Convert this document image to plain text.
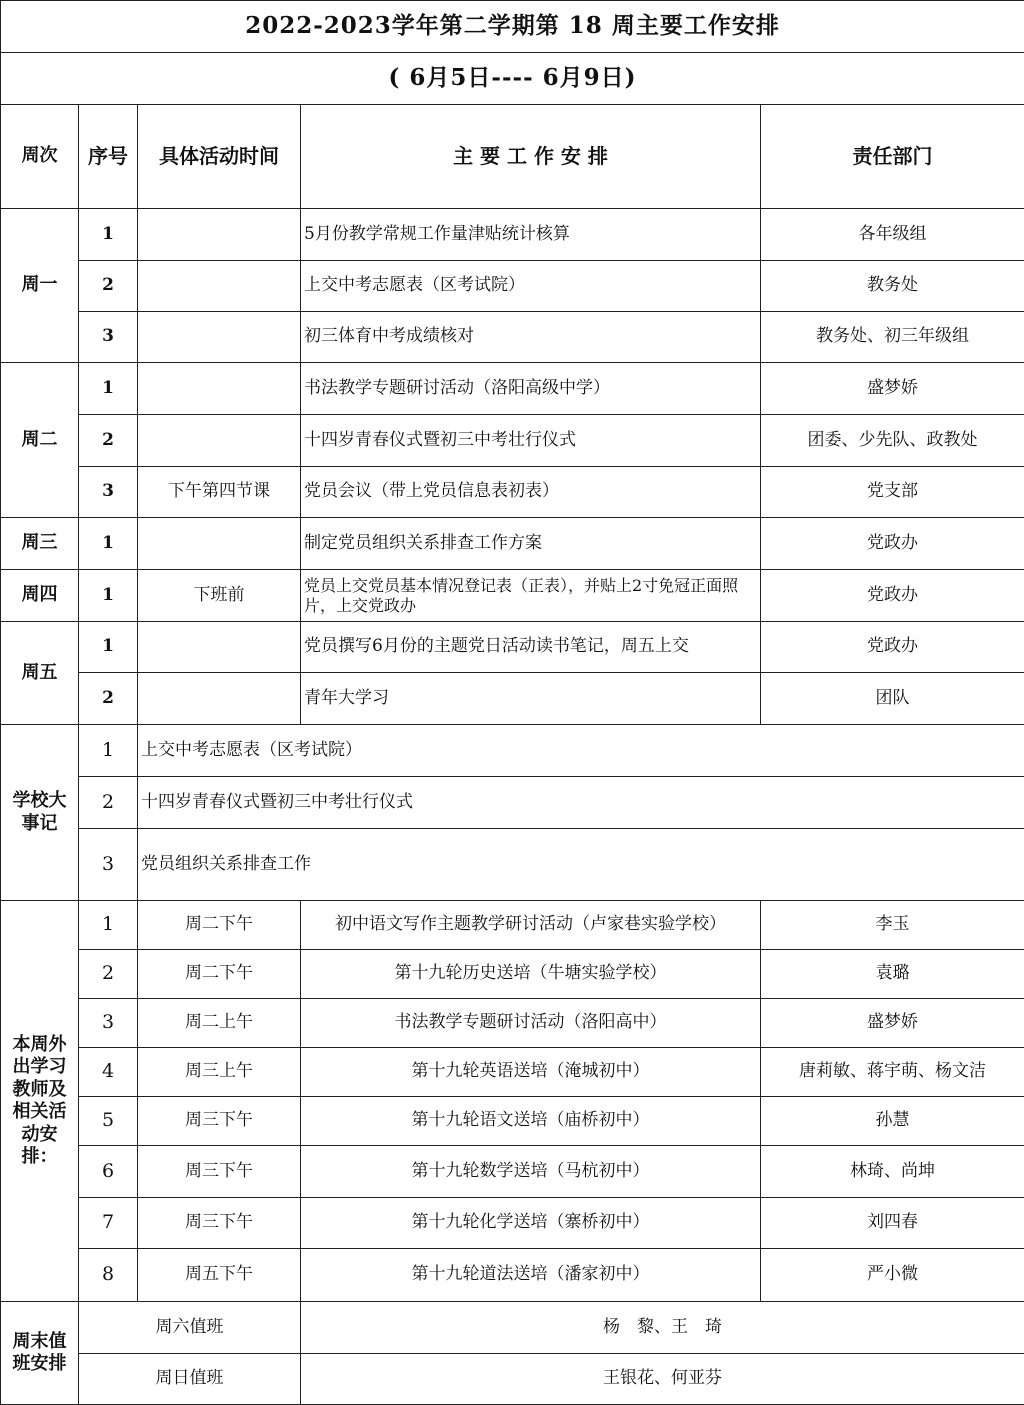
2022-2023学年第二学期第 18 周主要工作安排				
( 6月5日---- 6月9日)				
周次	序号	具体活动时间	主 要 工 作 安 排	责任部门
周一	1		5月份教学常规工作量津贴统计核算	各年级组
	2		上交中考志愿表（区考试院）	教务处
	3		初三体育中考成绩核对	教务处、初三年级组
周二	1		书法教学专题研讨活动（洛阳高级中学）	盛梦娇
	2		十四岁青春仪式暨初三中考壮行仪式	团委、少先队、政教处
	3	下午第四节课	党员会议（带上党员信息表初表）	党支部
周三	1		制定党员组织关系排查工作方案	党政办
周四	1	下班前	党员上交党员基本情况登记表（正表），并贴上2寸免冠正面照片，上交党政办	党政办
周五	1		党员撰写6月份的主题党日活动读书笔记，周五上交	党政办
	2		青年大学习	团队
学校大事记	1	上交中考志愿表（区考试院）		
	2	十四岁青春仪式暨初三中考壮行仪式		
	3	党员组织关系排查工作		
本周外出学习教师及相关活动安排：	1	周二下午	初中语文写作主题教学研讨活动（卢家巷实验学校）	李玉
	2	周二下午	第十九轮历史送培（牛塘实验学校）	袁璐
	3	周二上午	书法教学专题研讨活动（洛阳高中）	盛梦娇
	4	周三上午	第十九轮英语送培（淹城初中）	唐莉敏、蒋宇萌、杨文洁
	5	周三下午	第十九轮语文送培（庙桥初中）	孙慧
	6	周三下午	第十九轮数学送培（马杭初中）	林琦、尚坤
	7	周三下午	第十九轮化学送培（寨桥初中）	刘四春
	8	周五下午	第十九轮道法送培（潘家初中）	严小微
周末值班安排	周六值班		杨　黎、王　琦	
	周日值班		王银花、何亚芬	
